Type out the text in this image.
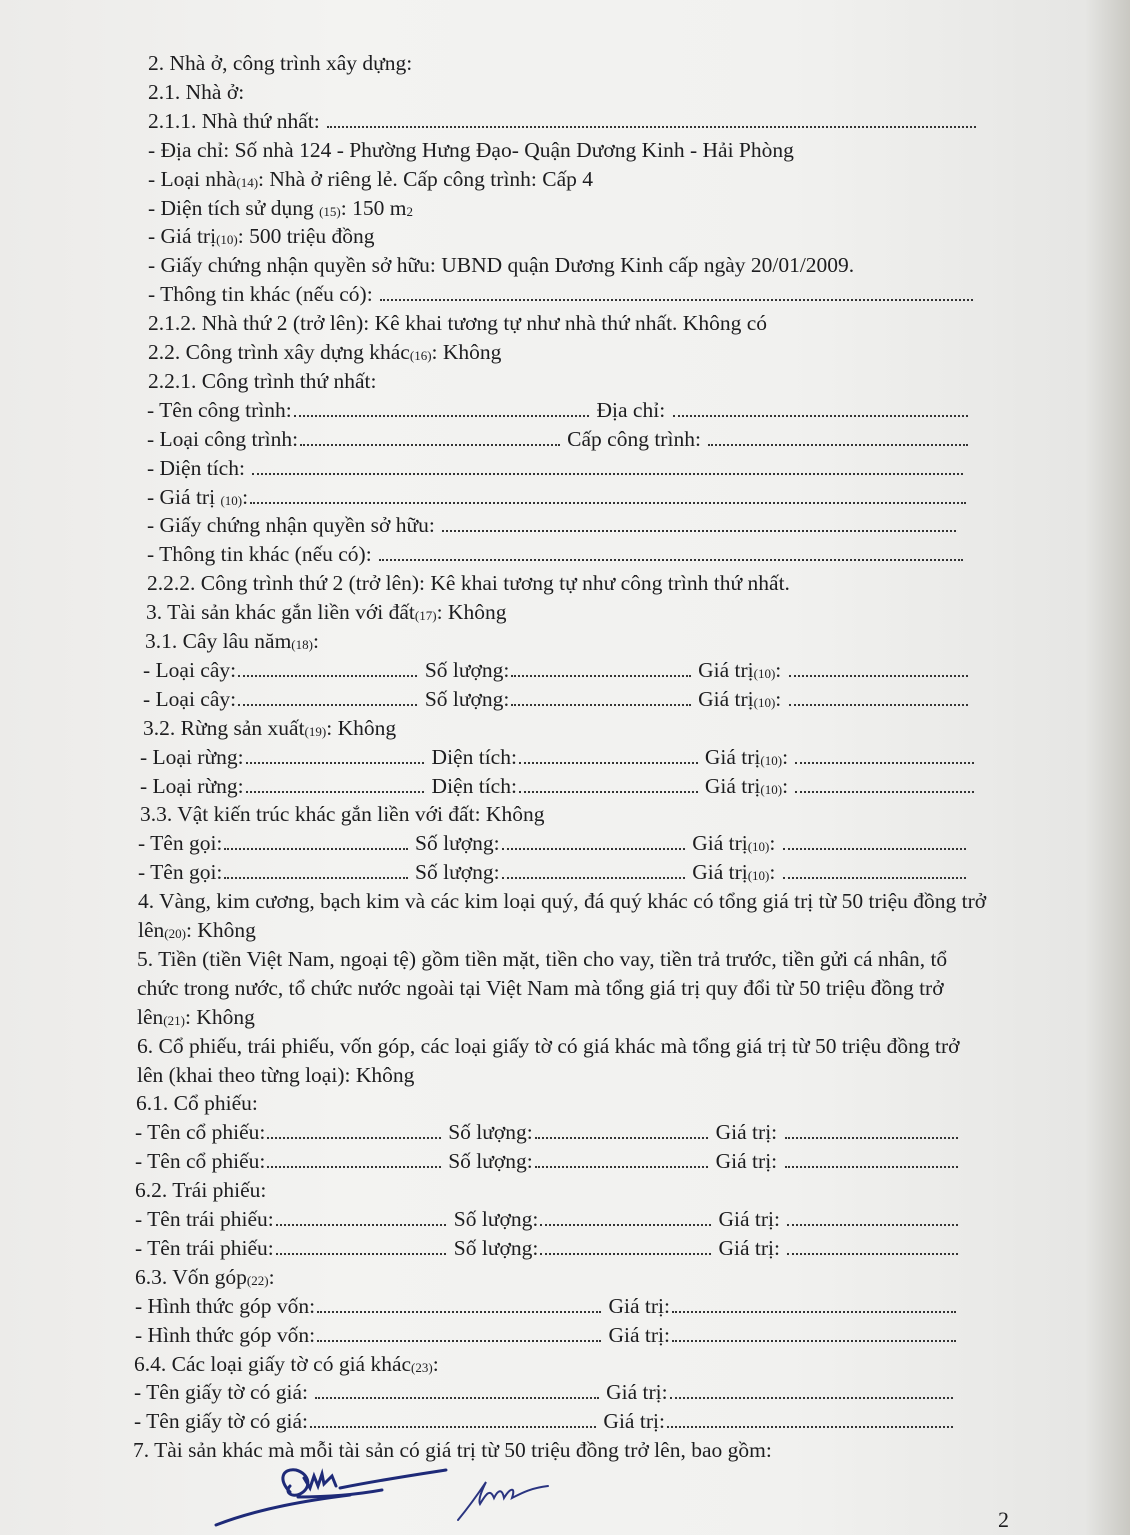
2. Nhà ở, công trình xây dựng:
2.1. Nhà ở:
2.1.1. Nhà thứ nhất:
- Địa chỉ: Số nhà 124 - Phường Hưng Đạo- Quận Dương Kinh - Hải Phòng
- Loại nhà (14) : Nhà ở riêng lẻ. Cấp công trình: Cấp 4
- Diện tích sử dụng (15) : 150 m 2
- Giá trị (10) : 500 triệu đồng
- Giấy chứng nhận quyền sở hữu: UBND quận Dương Kinh cấp ngày 20/01/2009.
- Thông tin khác (nếu có):
2.1.2. Nhà thứ 2 (trở lên): Kê khai tương tự như nhà thứ nhất. Không có
2.2. Công trình xây dựng khác (16) : Không
2.2.1. Công trình thứ nhất:
- Tên công trình:	Địa chỉ:
- Loại công trình:	Cấp công trình:
- Diện tích:
- Giá trị (10) :
- Giấy chứng nhận quyền sở hữu:
- Thông tin khác (nếu có):
2.2.2. Công trình thứ 2 (trở lên): Kê khai tương tự như công trình thứ nhất.
3. Tài sản khác gắn liền với đất (17) : Không
3.1. Cây lâu năm (18) :
- Loại cây:	Số lượng:	Giá trị (10) :
- Loại cây:	Số lượng:	Giá trị (10) :
3.2. Rừng sản xuất (19) : Không
- Loại rừng:	Diện tích:	Giá trị (10) :
- Loại rừng:	Diện tích:	Giá trị (10) :
3.3. Vật kiến trúc khác gắn liền với đất: Không
- Tên gọi:	Số lượng:	Giá trị (10) :
- Tên gọi:	Số lượng:	Giá trị (10) :
4. Vàng, kim cương, bạch kim và các kim loại quý, đá quý khác có tổng giá trị từ 50 triệu đồng trở
lên (20) : Không
5. Tiền (tiền Việt Nam, ngoại tệ) gồm tiền mặt, tiền cho vay, tiền trả trước, tiền gửi cá nhân, tổ
chức trong nước, tổ chức nước ngoài tại Việt Nam mà tổng giá trị quy đổi từ 50 triệu đồng trở
lên (21) : Không
6. Cổ phiếu, trái phiếu, vốn góp, các loại giấy tờ có giá khác mà tổng giá trị từ 50 triệu đồng trở
lên (khai theo từng loại): Không
6.1. Cổ phiếu:
- Tên cổ phiếu:	Số lượng:	Giá trị:
- Tên cổ phiếu:	Số lượng:	Giá trị:
6.2. Trái phiếu:
- Tên trái phiếu:	Số lượng:	Giá trị:
- Tên trái phiếu:	Số lượng:	Giá trị:
6.3. Vốn góp (22) :
- Hình thức góp vốn:	Giá trị:
- Hình thức góp vốn:	Giá trị:
6.4. Các loại giấy tờ có giá khác (23) :
- Tên giấy tờ có giá:	Giá trị:
- Tên giấy tờ có giá:	Giá trị:
7. Tài sản khác mà mỗi tài sản có giá trị từ 50 triệu đồng trở lên, bao gồm:
2
